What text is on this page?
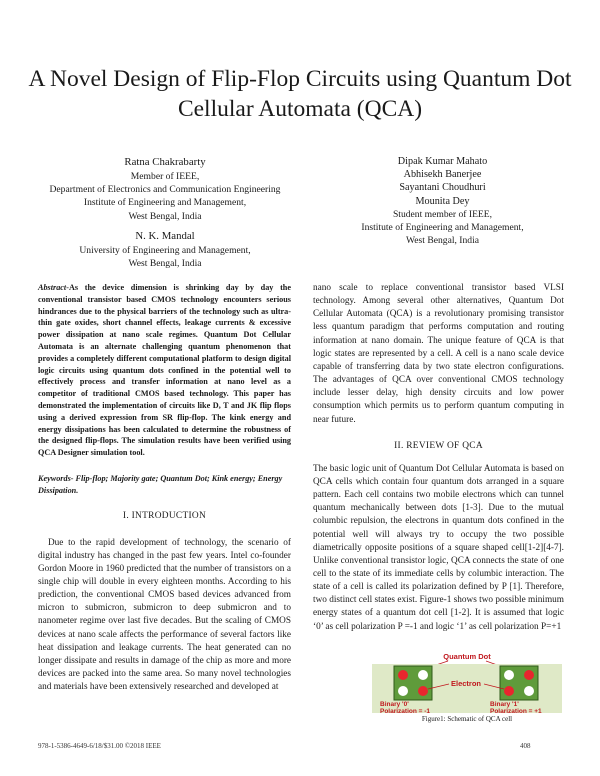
A Novel Design of Flip-Flop Circuits using Quantum Dot Cellular Automata (QCA)
Ratna Chakrabarty
Member of IEEE,
Department of Electronics and Communication Engineering
Institute of Engineering and Management,
West Bengal, India
N. K. Mandal
University of Engineering and Management,
West Bengal, India
Dipak Kumar Mahato
Abhisekh Banerjee
Sayantani Choudhuri
Mounita Dey
Student member of IEEE,
Institute of Engineering and Management,
West Bengal, India
Abstract-As the device dimension is shrinking day by day the conventional transistor based CMOS technology encounters serious hindrances due to the physical barriers of the technology such as ultra-thin gate oxides, short channel effects, leakage currents & excessive power dissipation at nano scale regimes. Quantum Dot Cellular Automata is an alternate challenging quantum phenomenon that provides a completely different computational platform to design digital logic circuits using quantum dots confined in the potential well to effectively process and transfer information at nano level as a competitor of traditional CMOS based technology. This paper has demonstrated the implementation of circuits like D, T and JK flip flops using a derived expression from SR flip-flop. The kink energy and energy dissipations has been calculated to determine the robustness of the designed flip-flops. The simulation results have been verified using QCA Designer simulation tool.
Keywords- Flip-flop; Majority gate; Quantum Dot; Kink energy; Energy Dissipation.
I. INTRODUCTION

Due to the rapid development of technology, the scenario of digital industry has changed in the past few years. Intel co-founder Gordon Moore in 1960 predicted that the number of transistors on a single chip will double in every eighteen months. According to his prediction, the conventional CMOS based devices advanced from micron to submicron, submicron to deep submicron and to nanometer regime over last five decades. But the scaling of CMOS devices at nano scale affects the performance of several factors like heat dissipation and leakage currents. The heat generated can no longer dissipate and results in damage of the chip as more and more devices are packed into the same area. So many novel technologies and materials have been extensively researched and developed at

nano scale to replace conventional transistor based VLSI technology. Among several other alternatives, Quantum Dot Cellular Automata (QCA) is a revolutionary promising transistor less quantum paradigm that performs computation and routing information at nano domain. The unique feature of QCA is that logic states are represented by a cell. A cell is a nano scale device capable of transferring data by two state electron configurations. The advantages of QCA over conventional CMOS technology include lesser delay, high density circuits and low power consumption which permits us to perform quantum computing in near future.

II. REVIEW OF QCA

The basic logic unit of Quantum Dot Cellular Automata is based on QCA cells which contain four quantum dots arranged in a square pattern. Each cell contains two mobile electrons which can tunnel quantum mechanically between dots [1-3]. Due to the mutual columbic repulsion, the electrons in quantum dots confined in the potential well will always try to occupy the two possible diametrically opposite positions of a square shaped cell[1-2][4-7]. Unlike conventional transistor logic, QCA connects the state of one cell to the state of its immediate cells by columbic interaction. The state of a cell is called its polarization defined by P [1]. Therefore, two distinct cell states exist. Figure-1 shows two possible minimum energy states of a quantum dot cell [1-2]. It is assumed that logic ‘0’ as cell polarization P =-1 and logic ‘1’ as cell polarization P=+1

Quantum Dot
Electron
Binary '0'
Polarization = -1
Binary '1'
Polarization = +1
Figure1: Schematic of QCA cell
978-1-5386-4649-6/18/$31.00 ©2018 IEEE	408
